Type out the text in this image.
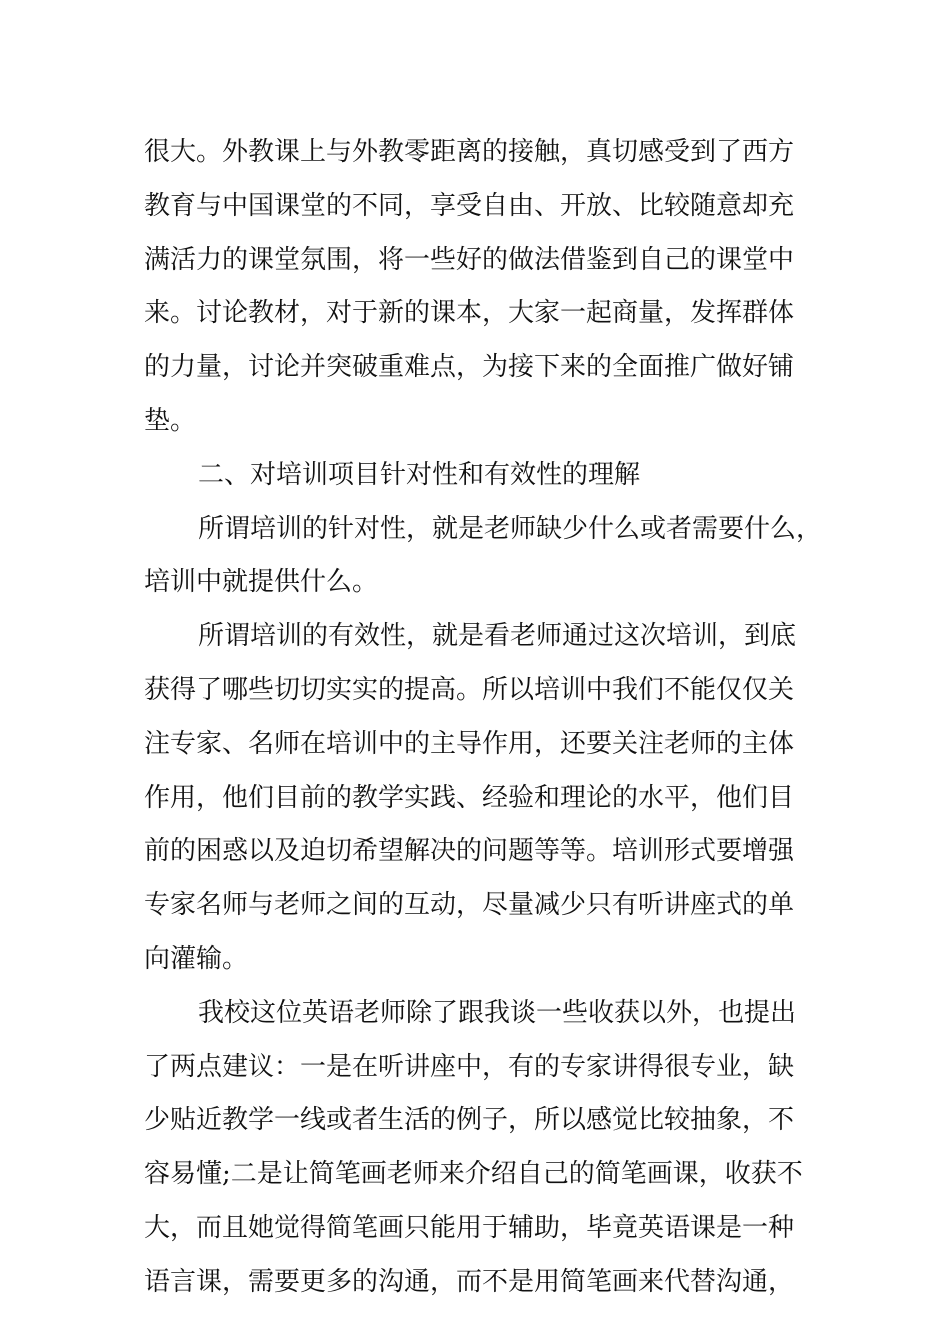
很大。外教课上与外教零距离的接触，真切感受到了西方
教育与中国课堂的不同，享受自由、开放、比较随意却充
满活力的课堂氛围，将一些好的做法借鉴到自己的课堂中
来。讨论教材，对于新的课本，大家一起商量，发挥群体
的力量，讨论并突破重难点，为接下来的全面推广做好铺
垫。
二、对培训项目针对性和有效性的理解
所谓培训的针对性，就是老师缺少什么或者需要什么，
培训中就提供什么。
所谓培训的有效性，就是看老师通过这次培训，到底
获得了哪些切切实实的提高。所以培训中我们不能仅仅关
注专家、名师在培训中的主导作用，还要关注老师的主体
作用，他们目前的教学实践、经验和理论的水平，他们目
前的困惑以及迫切希望解决的问题等等。培训形式要增强
专家名师与老师之间的互动，尽量减少只有听讲座式的单
向灌输。
我校这位英语老师除了跟我谈一些收获以外，也提出
了两点建议：一是在听讲座中，有的专家讲得很专业，缺
少贴近教学一线或者生活的例子，所以感觉比较抽象，不
容易懂;二是让简笔画老师来介绍自己的简笔画课，收获不
大，而且她觉得简笔画只能用于辅助，毕竟英语课是一种
语言课，需要更多的沟通，而不是用简笔画来代替沟通，
